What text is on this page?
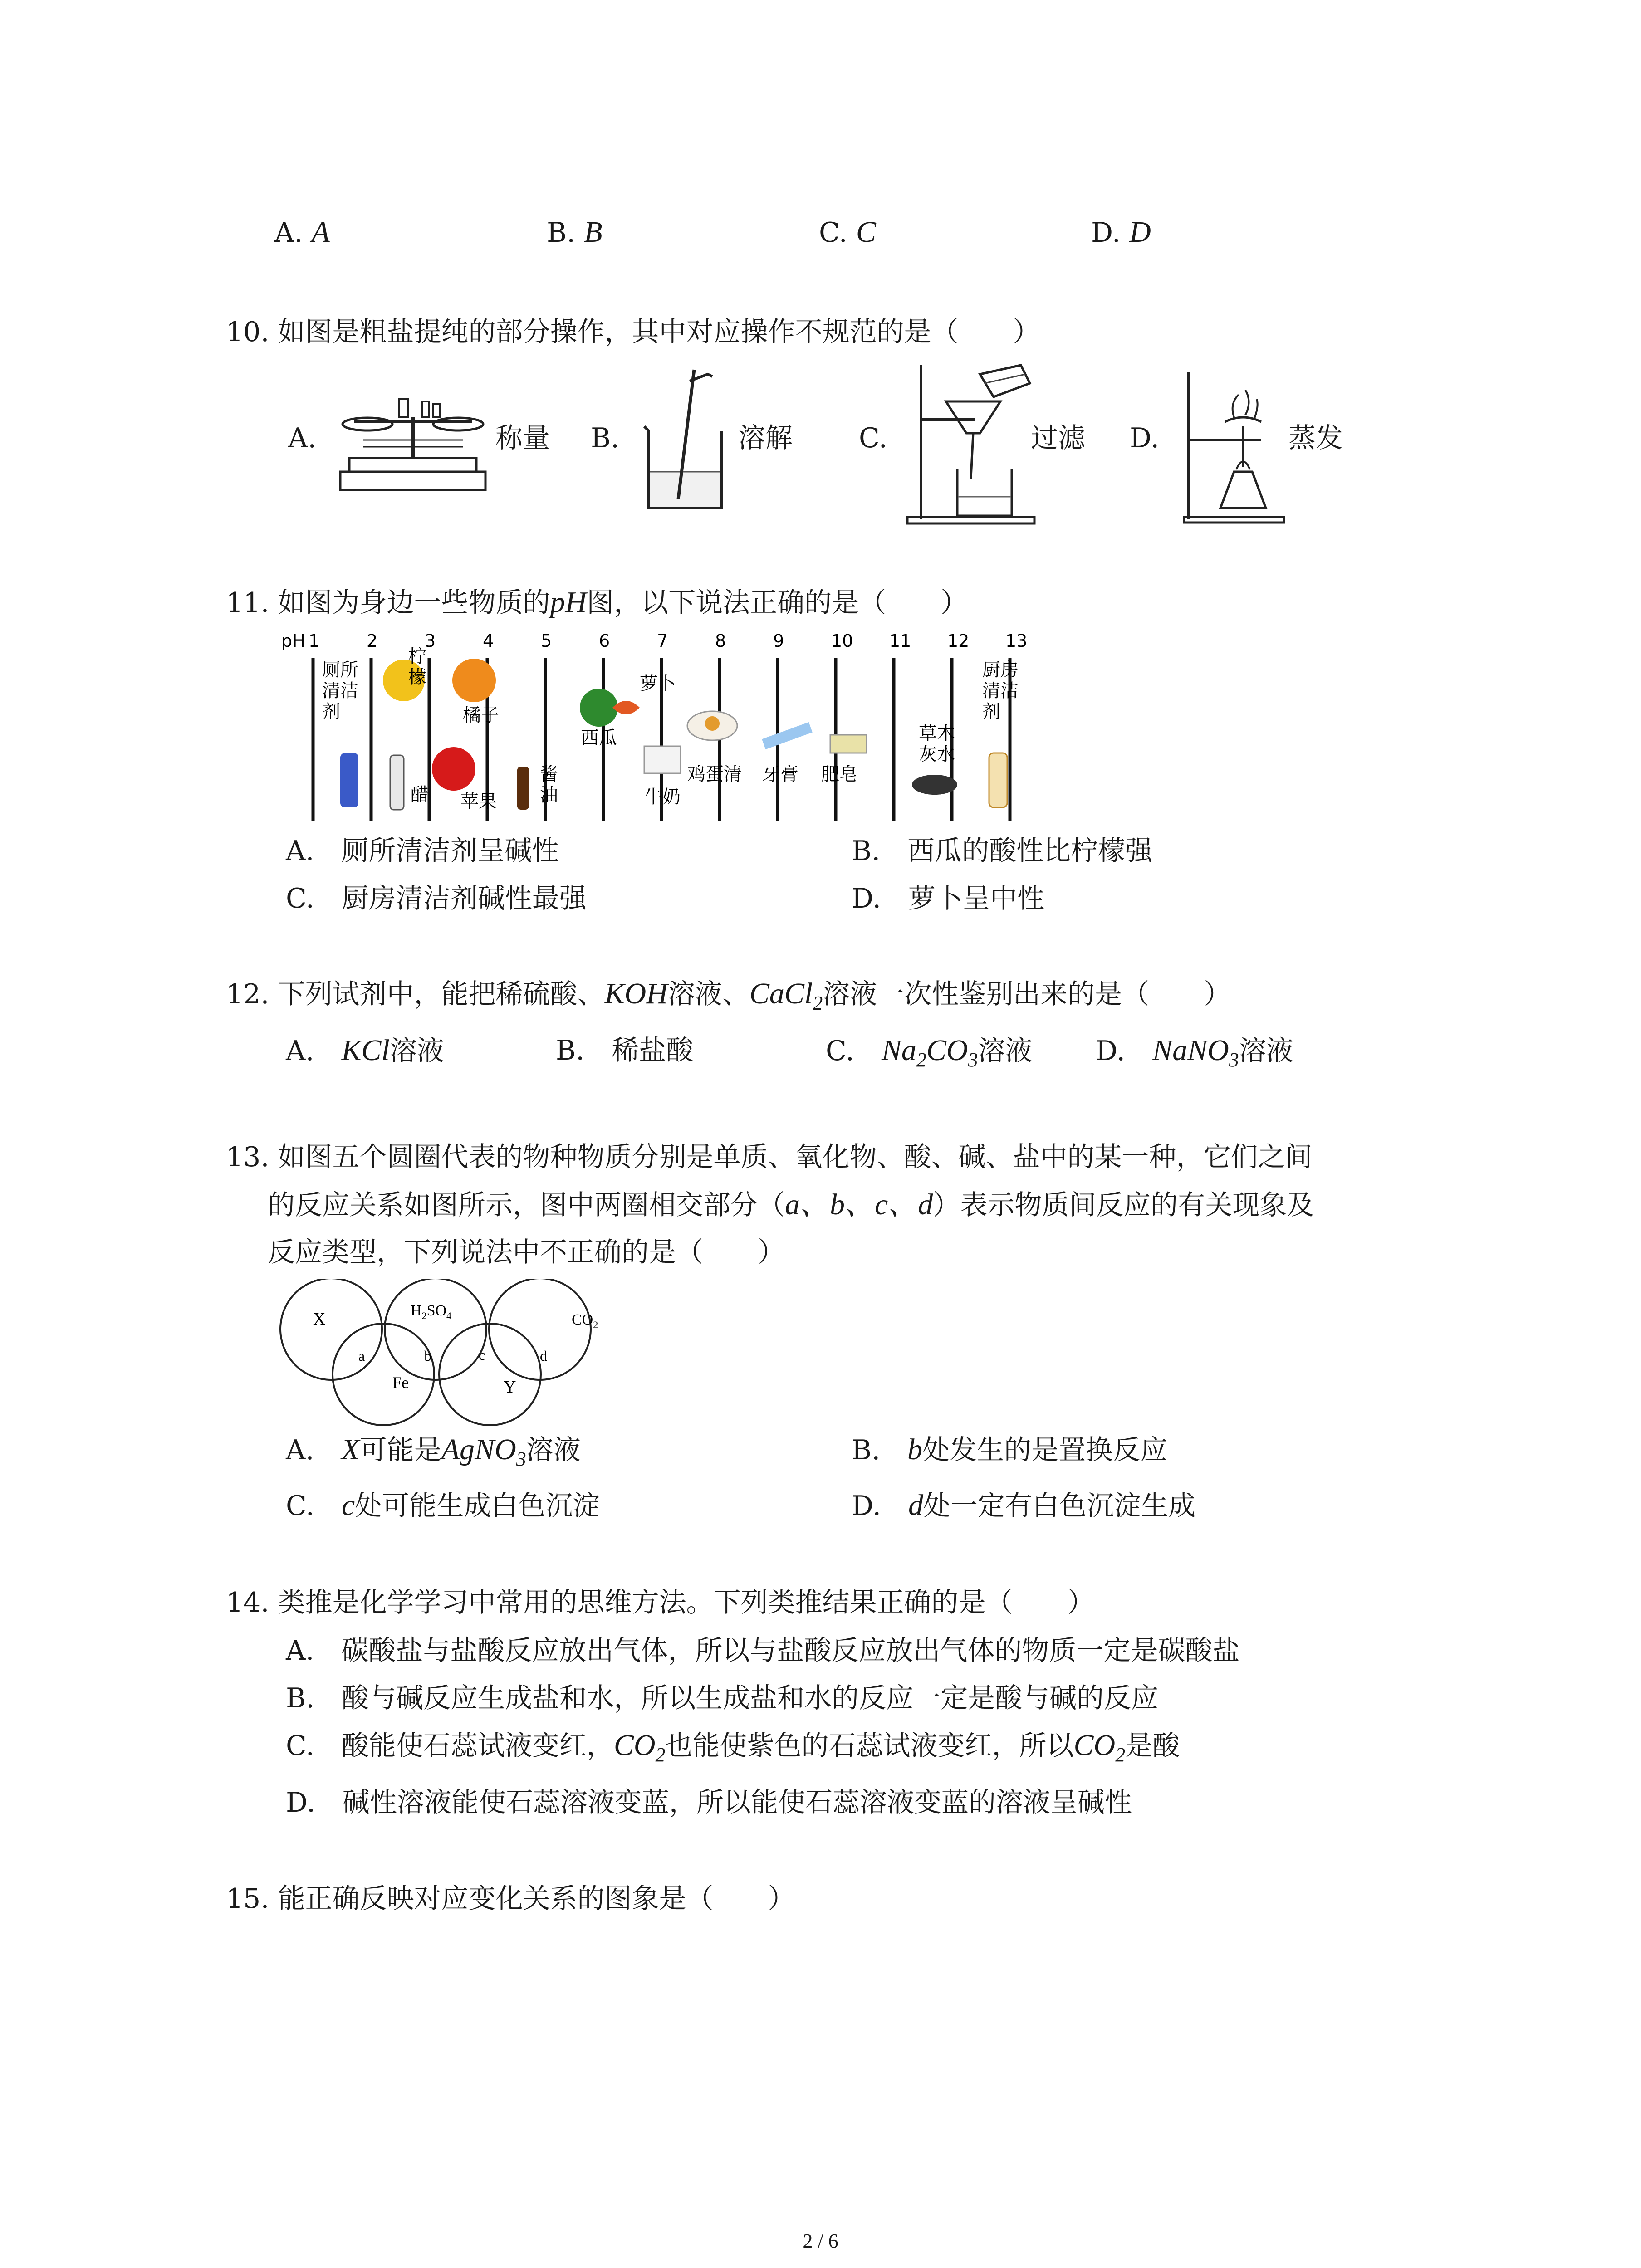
A. A	B. B	C. C	D. D
10. 如图是粗盐提纯的部分操作，其中对应操作不规范的是（　　）
A.	称量 B.	溶解 C.	过滤 D.	蒸发
11. 如图为身边一些物质的pH图，以下说法正确的是（　　）
pH 1	2	3	4	5	6	7	8	9	10 11 12 13
厕所清洁剂
柠檬
橘子
醋 苹果
酱油
西瓜
萝卜
牛奶
鸡蛋清 牙膏 肥皂
草木灰水
厨房清洁剂
A.　 厕所清洁剂呈碱性	B.　 西瓜的酸性比柠檬强
C.　 厨房清洁剂碱性最强	D.　 萝卜呈中性
12. 下列试剂中，能把稀硫酸、KOH溶液、CaCl$_2$溶液一次性鉴别出来的是（　　）
A.　 KCl溶液	B.　 稀盐酸	C.　 $Na_2CO_3$溶液 D.　 NaNO$_3$溶液
13. 如图五个圆圈代表的物种物质分别是单质、氧化物、酸、碱、盐中的某一种，它们之间
的反应关系如图所示，图中两圈相交部分（a、b、c、d）表示物质间反应的有关现象及
反应类型，下列说法中不正确的是（　　）
X	$H_2SO_4$	$CO_2$
Fe	Y
a	b	c	d
A.　 X可能是AgNO$_3$溶液	B.　 b处发生的是置换反应
C.　 c处可能生成白色沉淀	D.　 d处一定有白色沉淀生成
14. 类推是化学学习中常用的思维方法。下列类推结果正确的是（　　）
A.　碳酸盐与盐酸反应放出气体，所以与盐酸反应放出气体的物质一定是碳酸盐
B.　酸与碱反应生成盐和水，所以生成盐和水的反应一定是酸与碱的反应
C.　酸能使石蕊试液变红，$CO_2$也能使紫色的石蕊试液变红，所以$CO_2$是酸
D.　碱性溶液能使石蕊溶液变蓝，所以能使石蕊溶液变蓝的溶液呈碱性
15. 能正确反映对应变化关系的图象是（　　）
2 / 6
